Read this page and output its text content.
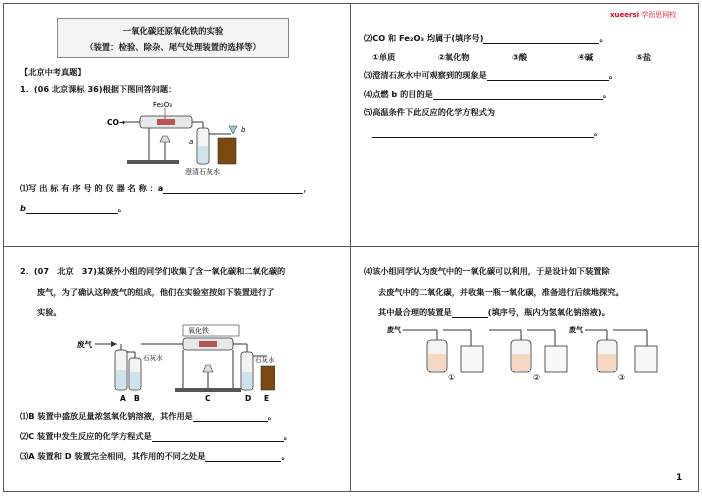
xueersi 学而思网校
一氧化碳还原氧化铁的实验
（装置：检验、除杂、尾气处理装置的选择等）
【北京中考真题】
1．(06 北京课标 36)根据下图回答问题：
CO→
Fe₂O₃
a
b
澄清石灰水
⑴写 出 标 有 序 号 的 仪 器 名 称 ：a	，
b	。
⑵CO 和 Fe₂O₃ 均属于(填序号)	。
①单质	②氧化物	③酸	④碱	⑤盐
⑶澄清石灰水中可观察到的现象是	。
⑷点燃 b 的目的是	。
⑸高温条件下此反应的化学方程式为
。
2．(07　北京　37)某课外小组的同学们收集了含一氧化碳和二氧化碳的
废气，为了确认这种废气的组成，他们在实验室按如下装置进行了
实验。
废气
石灰水
氧化铁
石灰水
A B	C	D E
⑴B 装置中盛放足量浓氢氧化钠溶液，其作用是	。
⑵C 装置中发生反应的化学方程式是	。
⑶A 装置和 D 装置完全相同，其作用的不同之处是	。
⑷该小组同学认为废气中的一氧化碳可以利用，于是设计如下装置除
去废气中的二氧化碳，并收集一瓶一氧化碳，准备进行后续地探究。
其中最合理的装置是	(填序号，瓶内为氢氧化钠溶液)。
废气
①	②
废气
③
1
